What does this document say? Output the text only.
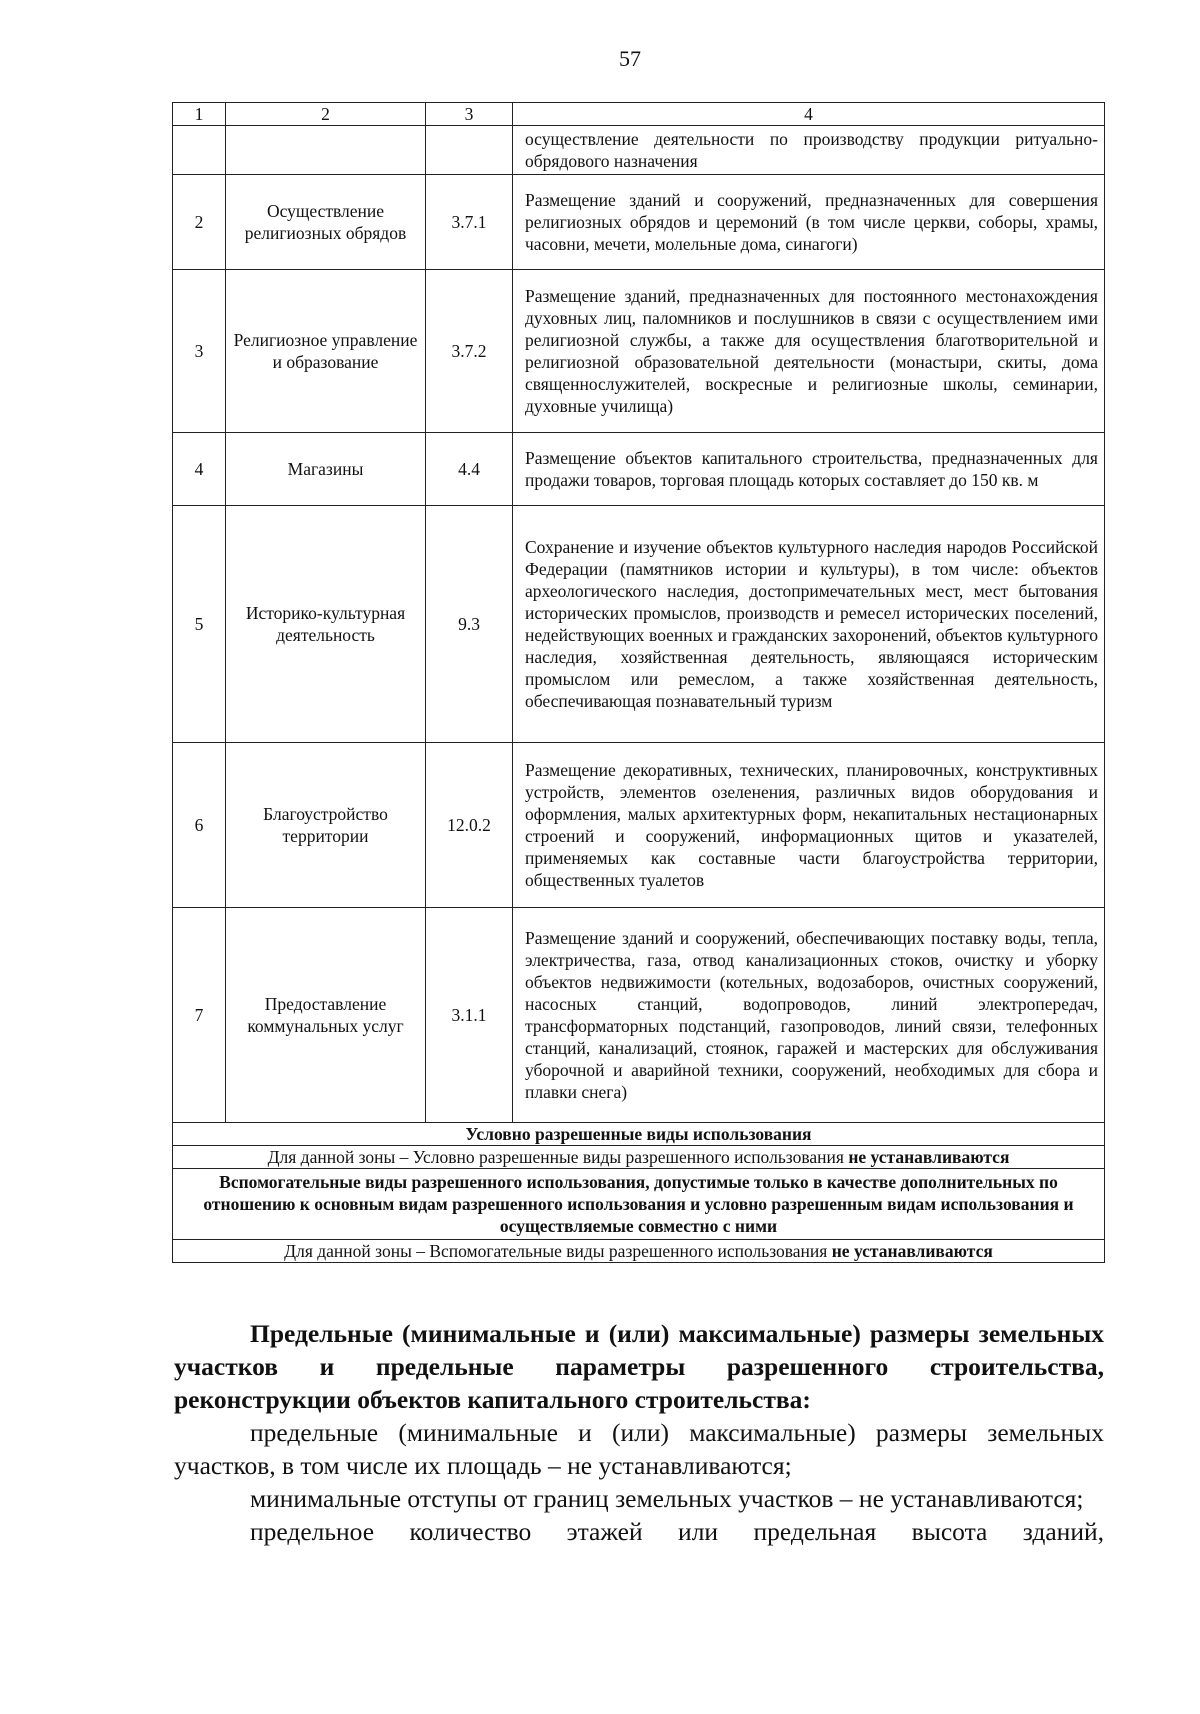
57
1	2	3	4
			осуществление деятельности по производству продукции ритуально-обрядового назначения
2	Осуществление религиозных обрядов	3.7.1	Размещение зданий и сооружений, предназначенных для совершения религиозных обрядов и церемоний (в том числе церкви, соборы, храмы, часовни, мечети, молельные дома, синагоги)
3	Религиозное управление и образование	3.7.2	Размещение зданий, предназначенных для постоянного местонахождения духовных лиц, паломников и послушников в связи с осуществлением ими религиозной службы, а также для осуществления благотворительной и религиозной образовательной деятельности (монастыри, скиты, дома священнослужителей, воскресные и религиозные школы, семинарии, духовные училища)
4	Магазины	4.4	Размещение объектов капитального строительства, предназначенных для продажи товаров, торговая площадь которых составляет до 150 кв. м
5	Историко-культурная деятельность	9.3	Сохранение и изучение объектов культурного наследия народов Российской Федерации (памятников истории и культуры), в том числе: объектов археологического наследия, достопримечательных мест, мест бытования исторических промыслов, производств и ремесел исторических поселений, недействующих военных и гражданских захоронений, объектов культурного наследия, хозяйственная деятельность, являющаяся историческим промыслом или ремеслом, а также хозяйственная деятельность, обеспечивающая познавательный туризм
6	Благоустройство территории	12.0.2	Размещение декоративных, технических, планировочных, конструктивных устройств, элементов озеленения, различных видов оборудования и оформления, малых архитектурных форм, некапитальных нестационарных строений и сооружений, информационных щитов и указателей, применяемых как составные части благоустройства территории, общественных туалетов
7	Предоставление коммунальных услуг	3.1.1	Размещение зданий и сооружений, обеспечивающих поставку воды, тепла, электричества, газа, отвод канализационных стоков, очистку и уборку объектов недвижимости (котельных, водозаборов, очистных сооружений, насосных станций, водопроводов, линий электропередач, трансформаторных подстанций, газопроводов, линий связи, телефонных станций, канализаций, стоянок, гаражей и мастерских для обслуживания уборочной и аварийной техники, сооружений, необходимых для сбора и плавки снега)
Условно разрешенные виды использования			
Для данной зоны – Условно разрешенные виды разрешенного использования не устанавливаются			
Вспомогательные виды разрешенного использования, допустимые только в качестве дополнительных по отношению к основным видам разрешенного использования и условно разрешенным видам использования и осуществляемые совместно с ними			
Для данной зоны – Вспомогательные виды разрешенного использования не устанавливаются			

Предельные (минимальные и (или) максимальные) размеры земельных участков и предельные параметры разрешенного строительства, реконструкции объектов капитального строительства:

предельные (минимальные и (или) максимальные) размеры земельных участков, в том числе их площадь – не устанавливаются;

минимальные отступы от границ земельных участков – не устанавливаются;

предельное количество этажей или предельная высота зданий,
